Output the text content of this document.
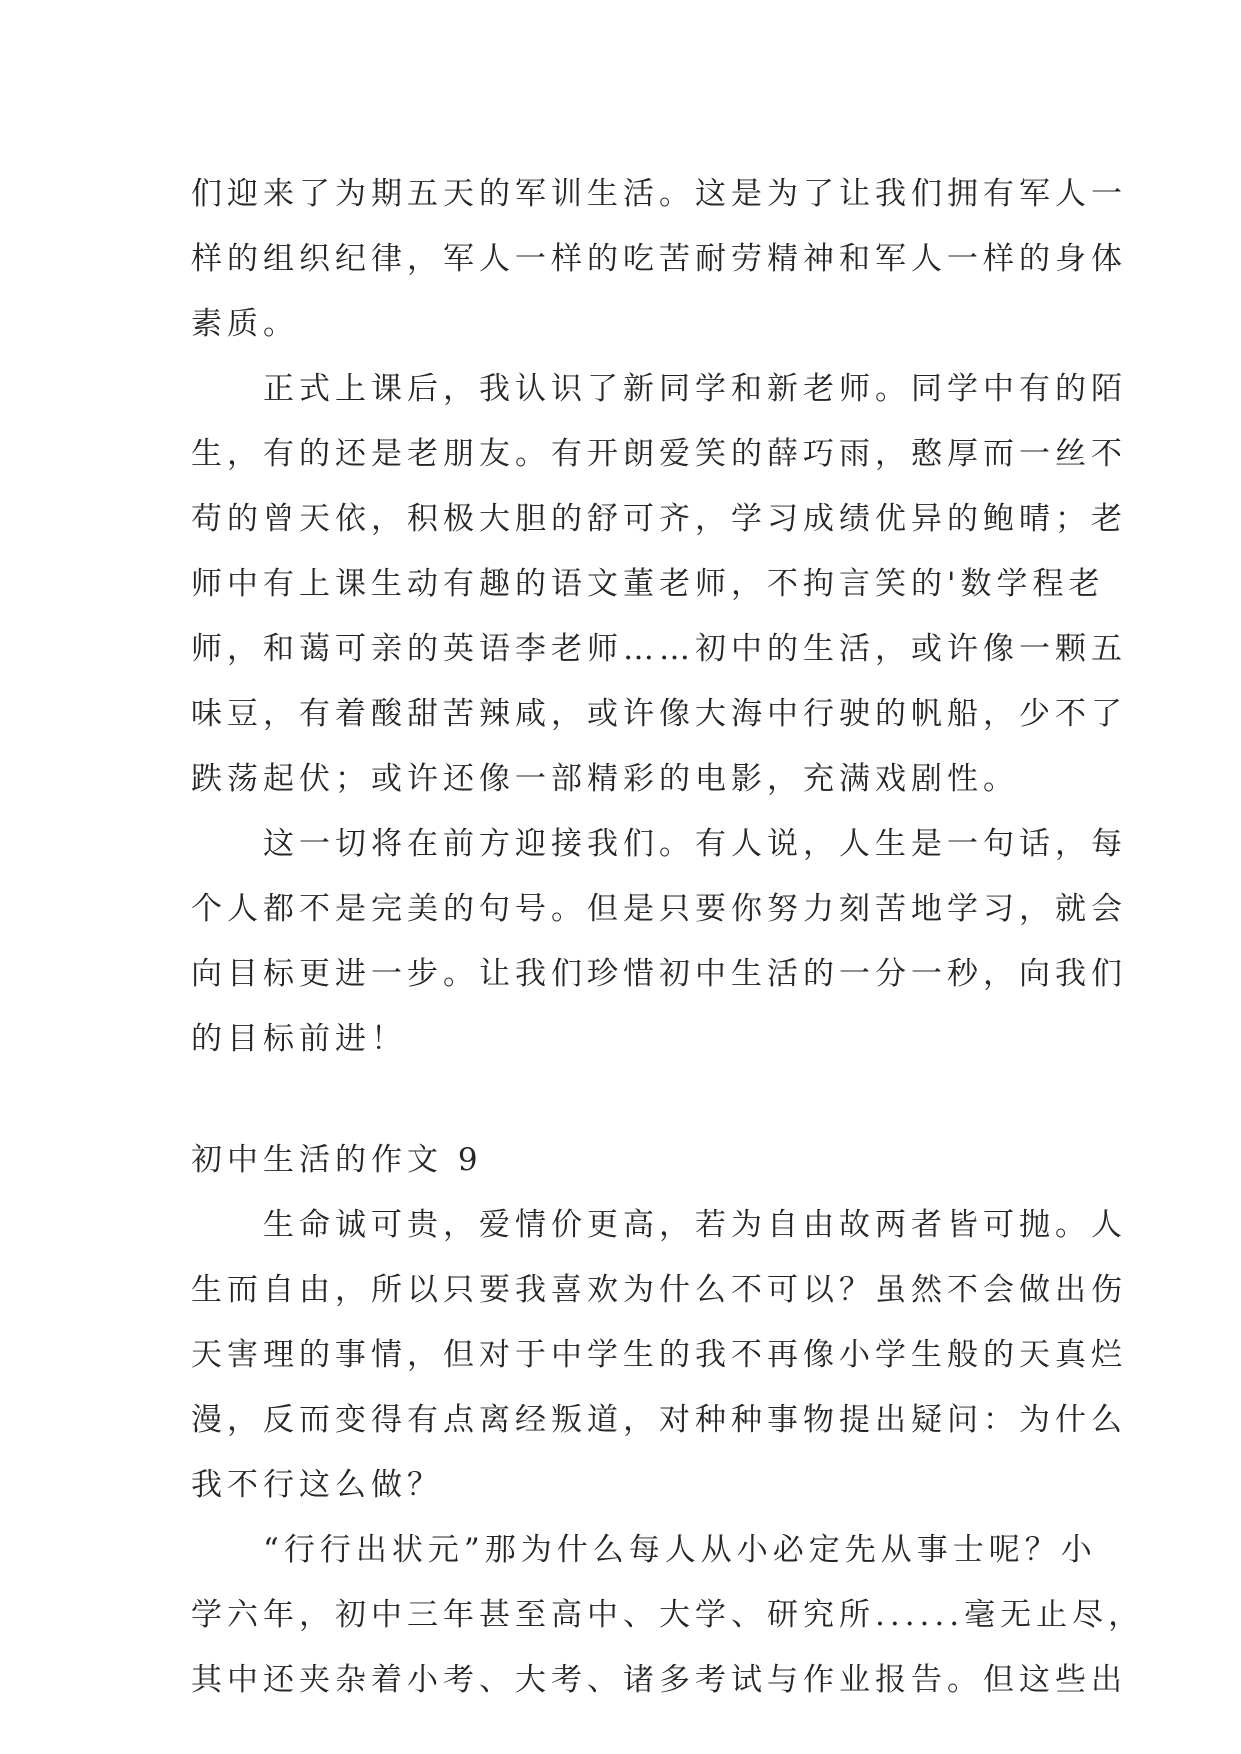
们迎来了为期五天的军训生活。这是为了让我们拥有军人一
样的组织纪律，军人一样的吃苦耐劳精神和军人一样的身体
素质。
　　正式上课后，我认识了新同学和新老师。同学中有的陌
生，有的还是老朋友。有开朗爱笑的薛巧雨，憨厚而一丝不
苟的曾天依，积极大胆的舒可齐，学习成绩优异的鲍晴；老
师中有上课生动有趣的语文董老师，不拘言笑的'数学程老
师，和蔼可亲的英语李老师……初中的生活，或许像一颗五
味豆，有着酸甜苦辣咸，或许像大海中行驶的帆船，少不了
跌荡起伏；或许还像一部精彩的电影，充满戏剧性。
　　这一切将在前方迎接我们。有人说，人生是一句话，每
个人都不是完美的句号。但是只要你努力刻苦地学习，就会
向目标更进一步。让我们珍惜初中生活的一分一秒，向我们
的目标前进！
初中生活的作文 9
　　生命诚可贵，爱情价更高，若为自由故两者皆可抛。人
生而自由，所以只要我喜欢为什么不可以？虽然不会做出伤
天害理的事情，但对于中学生的我不再像小学生般的天真烂
漫，反而变得有点离经叛道，对种种事物提出疑问：为什么
我不行这么做？
　　“行行出状元”那为什么每人从小必定先从事士呢？小
学六年，初中三年甚至高中、大学、研究所......毫无止尽，
其中还夹杂着小考、大考、诸多考试与作业报告。但这些出
